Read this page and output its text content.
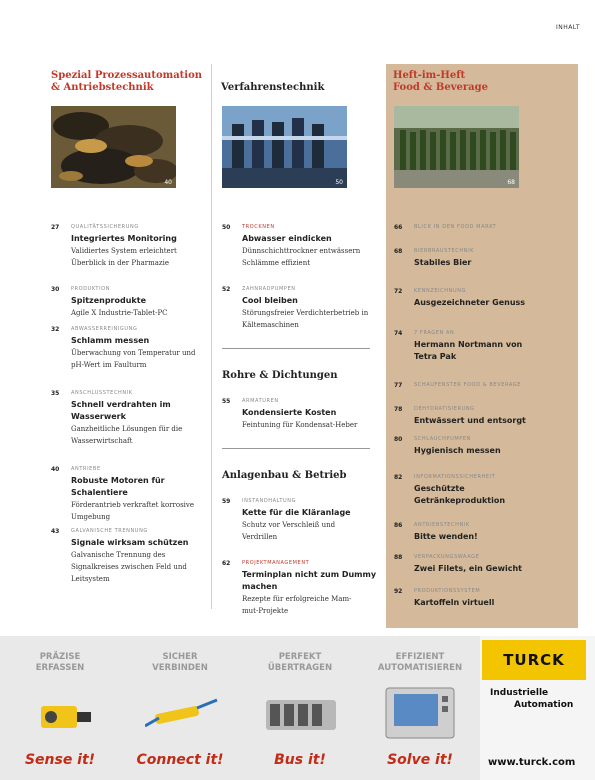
INHALT
Spezial Prozessautomation
& Antriebstechnik
40
27	QUALITÄTSSICHERUNG
Integriertes Monitoring
Validiertes System erleichtert
Überblick in der Pharmazie
30	PRODUKTION
Spitzenprodukte
Agile X Industrie-Tablet-PC
32	ABWASSERREINIGUNG
Schlamm messen
Überwachung von Temperatur und
pH-Wert im Faulturm
35	ANSCHLUSSTECHNIK
Schnell verdrahten im
Wasserwerk
Ganzheitliche Lösungen für die
Wasserwirtschaft
40	ANTRIEBE
Robuste Motoren für
Schalentiere
Förderantrieb verkraftet korrosive
Umgebung
43	GALVANISCHE TRENNUNG
Signale wirksam schützen
Galvanische Trennung des
Signalkreises zwischen Feld und
Leitsystem
Verfahrenstechnik
50
50	TROCKNEN
Abwasser eindicken
Dünnschichttrockner entwässern
Schlämme effizient
52	ZAHNRADPUMPEN
Cool bleiben
Störungsfreier Verdichterbetrieb in
Kältemaschinen
Rohre & Dichtungen
55	ARMATUREN
Kondensierte Kosten
Feintuning für Kondensat-Heber
Anlagenbau & Betrieb
59	INSTANDHALTUNG
Kette für die Kläranlage
Schutz vor Verschleiß und
Verdrillen
62	PROJEKTMANAGEMENT
Terminplan nicht zum Dummy
machen
Rezepte für erfolgreiche Mam-
mut-Projekte
Heft-im-Heft
Food & Beverage
68
66	BLICK IN DEN FOOD MARKT
68	BIERBRAUSTECHNIK
Stabiles Bier
72	KENNZEICHNUNG
Ausgezeichneter Genuss
74	7 FRAGEN AN
Hermann Nortmann von
Tetra Pak
77	SCHAUFENSTER FOOD & BEVERAGE
78	DEHYDRATISIERUNG
Entwässert und entsorgt
80	SCHLAUCHPUMPEN
Hygienisch messen
82	INFORMATIONSSICHERHEIT
Geschützte
Getränkeproduktion
86	ANTRIEBSTECHNIK
Bitte wenden!
88	VERPACKUNGSWAAGE
Zwei Filets, ein Gewicht
92	PRODUKTIONSSYSTEM
Kartoffeln virtuell
PRÄZISE
ERFASSEN
Sense it!
SICHER
VERBINDEN
Connect it!
PERFEKT
ÜBERTRAGEN
Bus it!
EFFIZIENT
AUTOMATISIEREN
Solve it!
TURCK
Industrielle
Automation
www.turck.com
